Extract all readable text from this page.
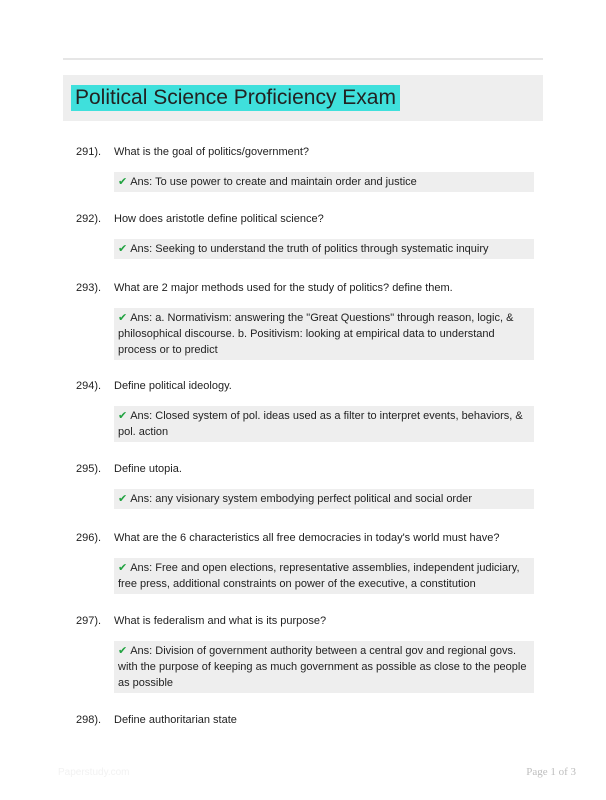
Political Science Proficiency Exam
291).	What is the goal of politics/government?
✔ Ans: To use power to create and maintain order and justice
292).	How does aristotle define political science?
✔ Ans: Seeking to understand the truth of politics through systematic inquiry
293).	What are 2 major methods used for the study of politics? define them.
✔ Ans: a. Normativism: answering the "Great Questions" through reason, logic, & philosophical discourse. b. Positivism: looking at empirical data to understand process or to predict
294).	Define political ideology.
✔ Ans: Closed system of pol. ideas used as a filter to interpret events, behaviors, & pol. action
295).	Define utopia.
✔ Ans: any visionary system embodying perfect political and social order
296).	What are the 6 characteristics all free democracies in today's world must have?
✔ Ans: Free and open elections, representative assemblies, independent judiciary, free press, additional constraints on power of the executive, a constitution
297).	What is federalism and what is its purpose?
✔ Ans: Division of government authority between a central gov and regional govs. with the purpose of keeping as much government as possible as close to the people as possible
298).	Define authoritarian state
Paperstudy.com	Page 1 of 3
